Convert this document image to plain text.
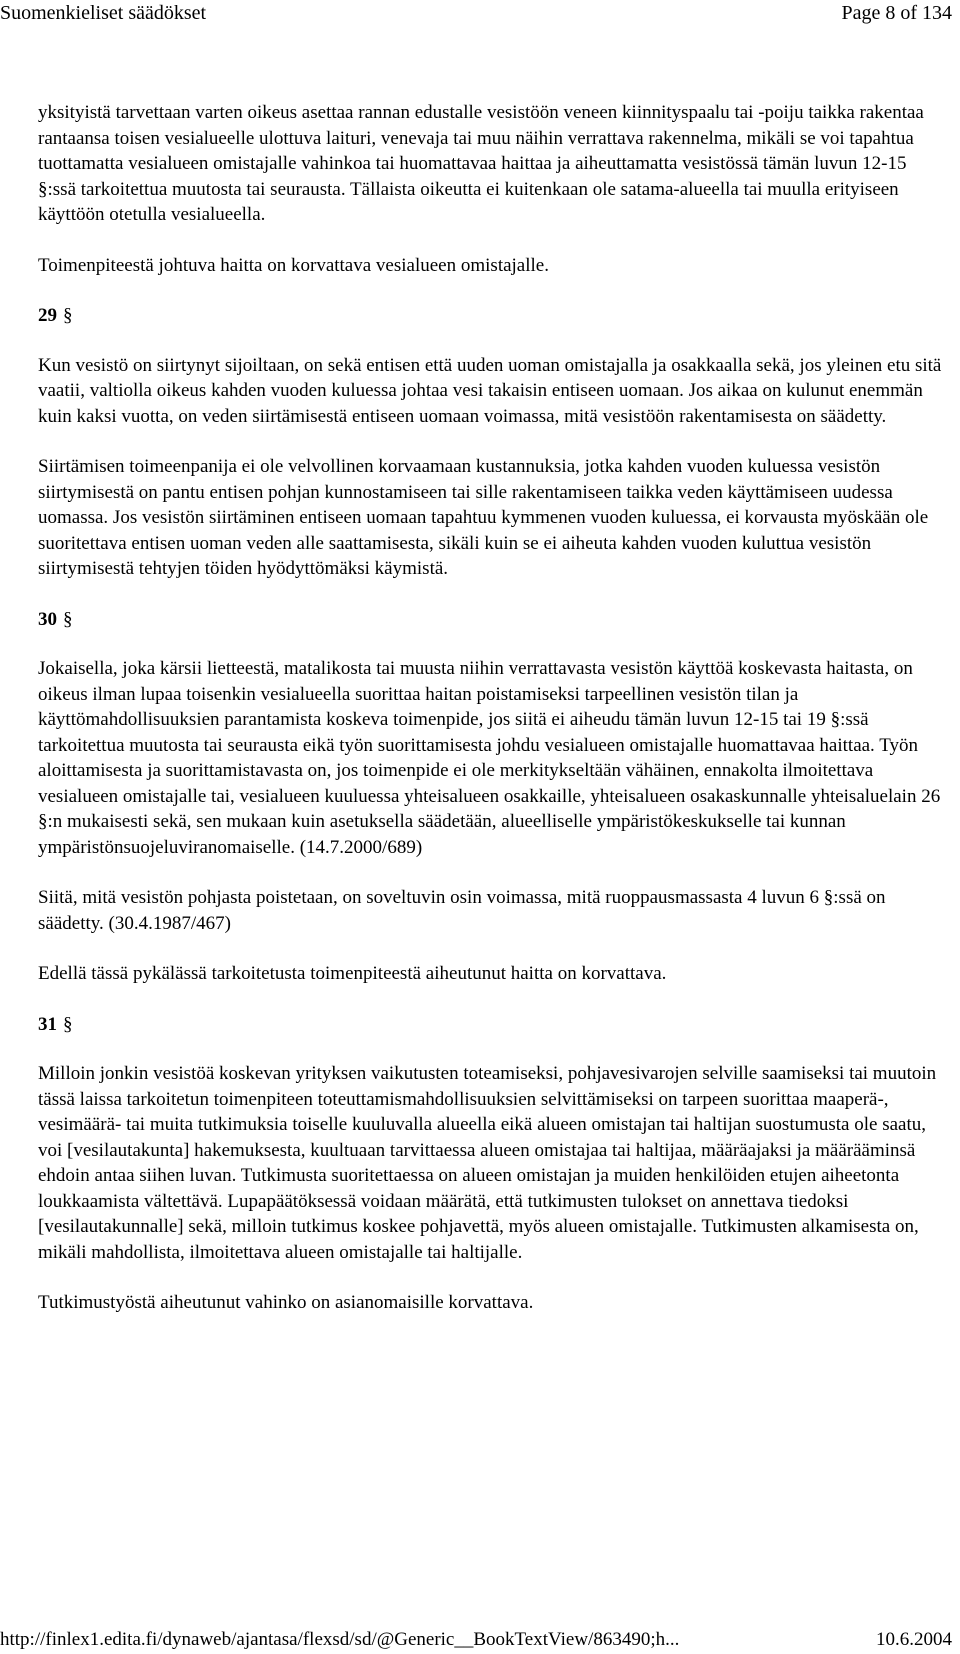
Suomenkieliset säädökset	Page 8 of 134

yksityistä tarvettaan varten oikeus asettaa rannan edustalle vesistöön veneen kiinnityspaalu tai -poiju taikka rakentaa rantaansa toisen vesialueelle ulottuva laituri, venevaja tai muu näihin verrattava rakennelma, mikäli se voi tapahtua tuottamatta vesialueen omistajalle vahinkoa tai huomattavaa haittaa ja aiheuttamatta vesistössä tämän luvun 12-15 §:ssä tarkoitettua muutosta tai seurausta. Tällaista oikeutta ei kuitenkaan ole satama-alueella tai muulla erityiseen käyttöön otetulla vesialueella.

Toimenpiteestä johtuva haitta on korvattava vesialueen omistajalle.

29 §

Kun vesistö on siirtynyt sijoiltaan, on sekä entisen että uuden uoman omistajalla ja osakkaalla sekä, jos yleinen etu sitä vaatii, valtiolla oikeus kahden vuoden kuluessa johtaa vesi takaisin entiseen uomaan. Jos aikaa on kulunut enemmän kuin kaksi vuotta, on veden siirtämisestä entiseen uomaan voimassa, mitä vesistöön rakentamisesta on säädetty.

Siirtämisen toimeenpanija ei ole velvollinen korvaamaan kustannuksia, jotka kahden vuoden kuluessa vesistön siirtymisestä on pantu entisen pohjan kunnostamiseen tai sille rakentamiseen taikka veden käyttämiseen uudessa uomassa. Jos vesistön siirtäminen entiseen uomaan tapahtuu kymmenen vuoden kuluessa, ei korvausta myöskään ole suoritettava entisen uoman veden alle saattamisesta, sikäli kuin se ei aiheuta kahden vuoden kuluttua vesistön siirtymisestä tehtyjen töiden hyödyttömäksi käymistä.

30 §

Jokaisella, joka kärsii lietteestä, matalikosta tai muusta niihin verrattavasta vesistön käyttöä koskevasta haitasta, on oikeus ilman lupaa toisenkin vesialueella suorittaa haitan poistamiseksi tarpeellinen vesistön tilan ja käyttömahdollisuuksien parantamista koskeva toimenpide, jos siitä ei aiheudu tämän luvun 12-15 tai 19 §:ssä tarkoitettua muutosta tai seurausta eikä työn suorittamisesta johdu vesialueen omistajalle huomattavaa haittaa. Työn aloittamisesta ja suorittamistavasta on, jos toimenpide ei ole merkitykseltään vähäinen, ennakolta ilmoitettava vesialueen omistajalle tai, vesialueen kuuluessa yhteisalueen osakkaille, yhteisalueen osakaskunnalle yhteisaluelain 26 §:n mukaisesti sekä, sen mukaan kuin asetuksella säädetään, alueelliselle ympäristökeskukselle tai kunnan ympäristönsuojeluviranomaiselle. (14.7.2000/689)

Siitä, mitä vesistön pohjasta poistetaan, on soveltuvin osin voimassa, mitä ruoppausmassasta 4 luvun 6 §:ssä on säädetty. (30.4.1987/467)

Edellä tässä pykälässä tarkoitetusta toimenpiteestä aiheutunut haitta on korvattava.

31 §

Milloin jonkin vesistöä koskevan yrityksen vaikutusten toteamiseksi, pohjavesivarojen selville saamiseksi tai muutoin tässä laissa tarkoitetun toimenpiteen toteuttamismahdollisuuksien selvittämiseksi on tarpeen suorittaa maaperä-, vesimäärä- tai muita tutkimuksia toiselle kuuluvalla alueella eikä alueen omistajan tai haltijan suostumusta ole saatu, voi [vesilautakunta] hakemuksesta, kuultuaan tarvittaessa alueen omistajaa tai haltijaa, määräajaksi ja määrääminsä ehdoin antaa siihen luvan. Tutkimusta suoritettaessa on alueen omistajan ja muiden henkilöiden etujen aiheetonta loukkaamista vältettävä. Lupapäätöksessä voidaan määrätä, että tutkimusten tulokset on annettava tiedoksi [vesilautakunnalle] sekä, milloin tutkimus koskee pohjavettä, myös alueen omistajalle. Tutkimusten alkamisesta on, mikäli mahdollista, ilmoitettava alueen omistajalle tai haltijalle.

Tutkimustyöstä aiheutunut vahinko on asianomaisille korvattava.

http://finlex1.edita.fi/dynaweb/ajantasa/flexsd/sd/@Generic__BookTextView/863490;h...	10.6.2004
